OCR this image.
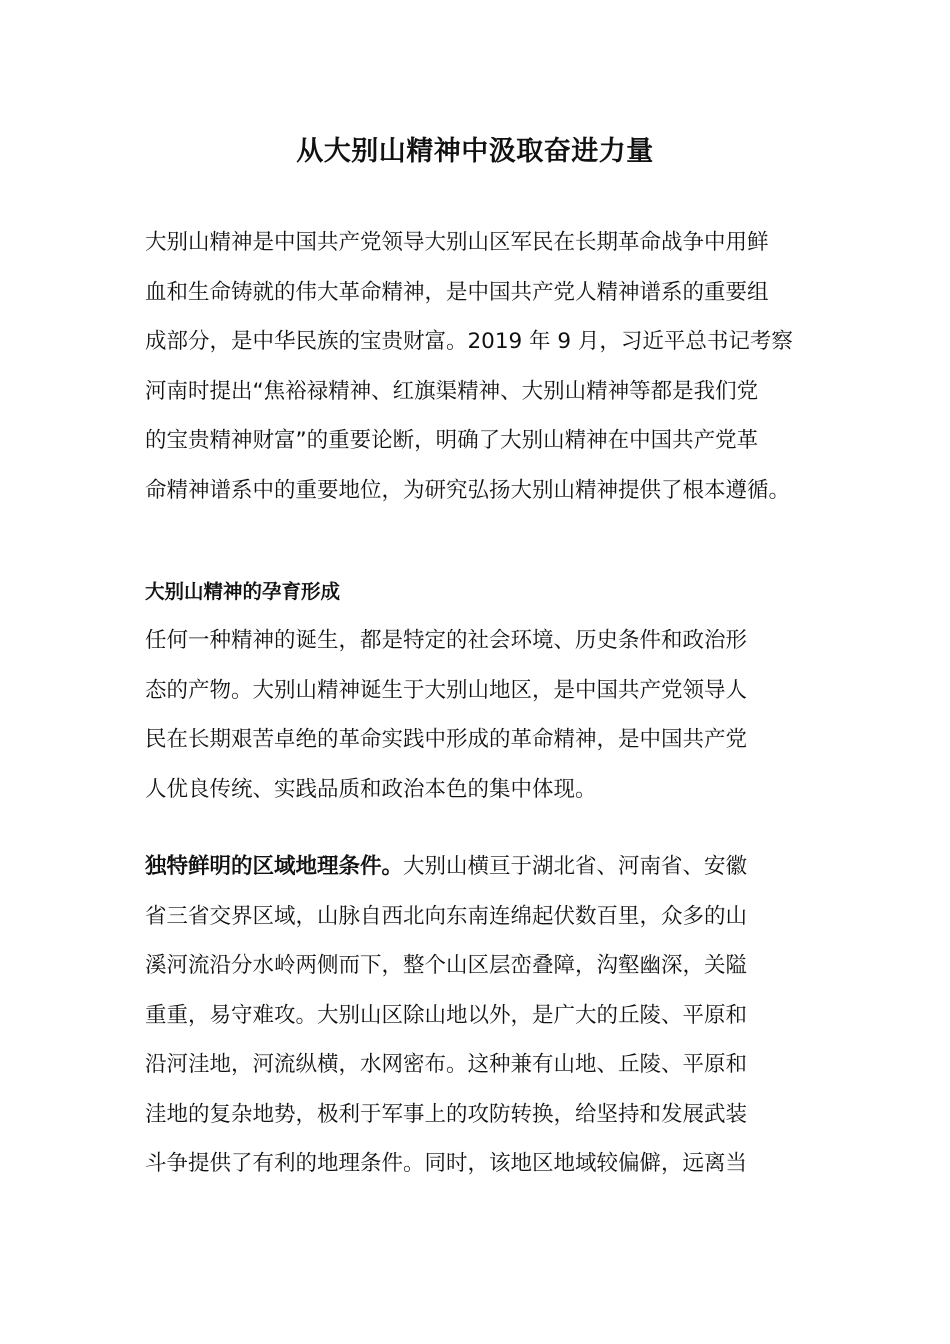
从大别山精神中汲取奋进力量
大别山精神是中国共产党领导大别山区军民在长期革命战争中用鲜
血和生命铸就的伟大革命精神，是中国共产党人精神谱系的重要组
成部分，是中华民族的宝贵财富。2019 年 9 月，习近平总书记考察
河南时提出“焦裕禄精神、红旗渠精神、大别山精神等都是我们党
的宝贵精神财富”的重要论断，明确了大别山精神在中国共产党革
命精神谱系中的重要地位，为研究弘扬大别山精神提供了根本遵循。
大别山精神的孕育形成
任何一种精神的诞生，都是特定的社会环境、历史条件和政治形
态的产物。大别山精神诞生于大别山地区，是中国共产党领导人
民在长期艰苦卓绝的革命实践中形成的革命精神，是中国共产党
人优良传统、实践品质和政治本色的集中体现。
独特鲜明的区域地理条件。大别山横亘于湖北省、河南省、安徽
省三省交界区域，山脉自西北向东南连绵起伏数百里，众多的山
溪河流沿分水岭两侧而下，整个山区层峦叠障，沟壑幽深，关隘
重重，易守难攻。大别山区除山地以外，是广大的丘陵、平原和
沿河洼地，河流纵横，水网密布。这种兼有山地、丘陵、平原和
洼地的复杂地势，极利于军事上的攻防转换，给坚持和发展武装
斗争提供了有利的地理条件。同时，该地区地域较偏僻，远离当
